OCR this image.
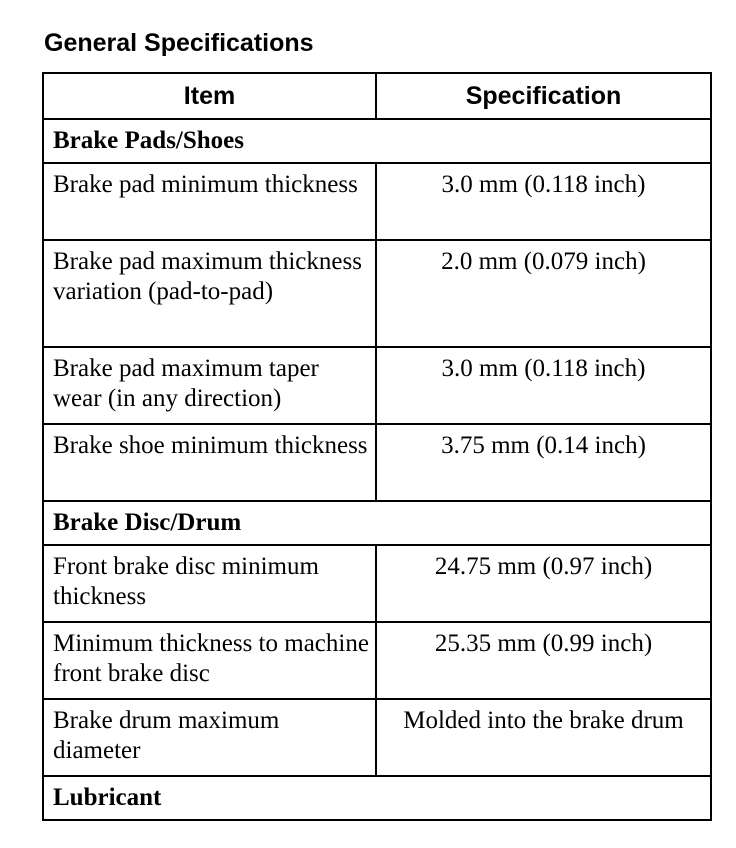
General Specifications
Item	Specification
Brake Pads/Shoes	
Brake pad minimum thickness	3.0 mm (0.118 inch)
Brake pad maximum thickness variation (pad-to-pad)	2.0 mm (0.079 inch)
Brake pad maximum taper wear (in any direction)	3.0 mm (0.118 inch)
Brake shoe minimum thickness	3.75 mm (0.14 inch)
Brake Disc/Drum	
Front brake disc minimum thickness	24.75 mm (0.97 inch)
Minimum thickness to machine front brake disc	25.35 mm (0.99 inch)
Brake drum maximum diameter	Molded into the brake drum
Lubricant	
